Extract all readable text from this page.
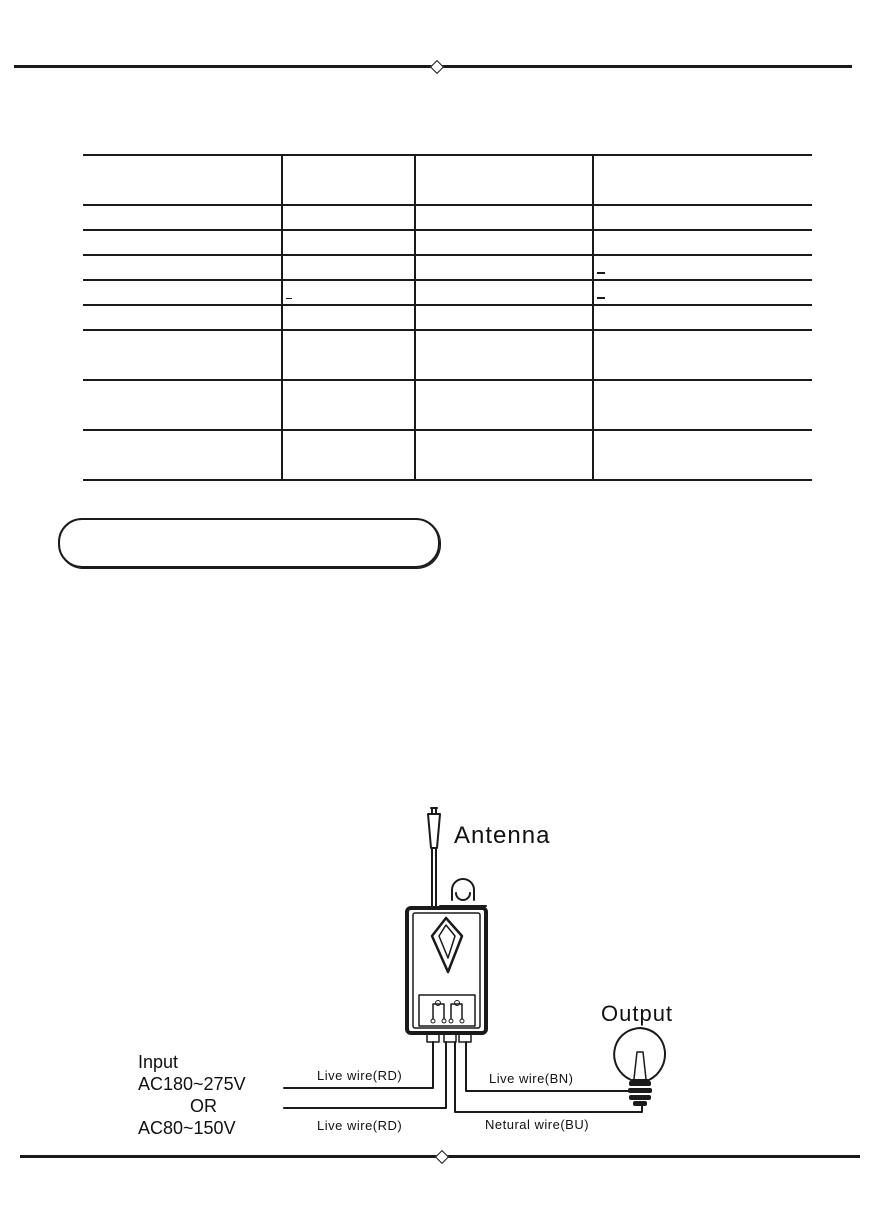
Antenna
Output
Input
AC180~275V
OR
AC80~150V
Live wire(RD)
Live wire(RD)
Live wire(BN)
Netural wire(BU)
